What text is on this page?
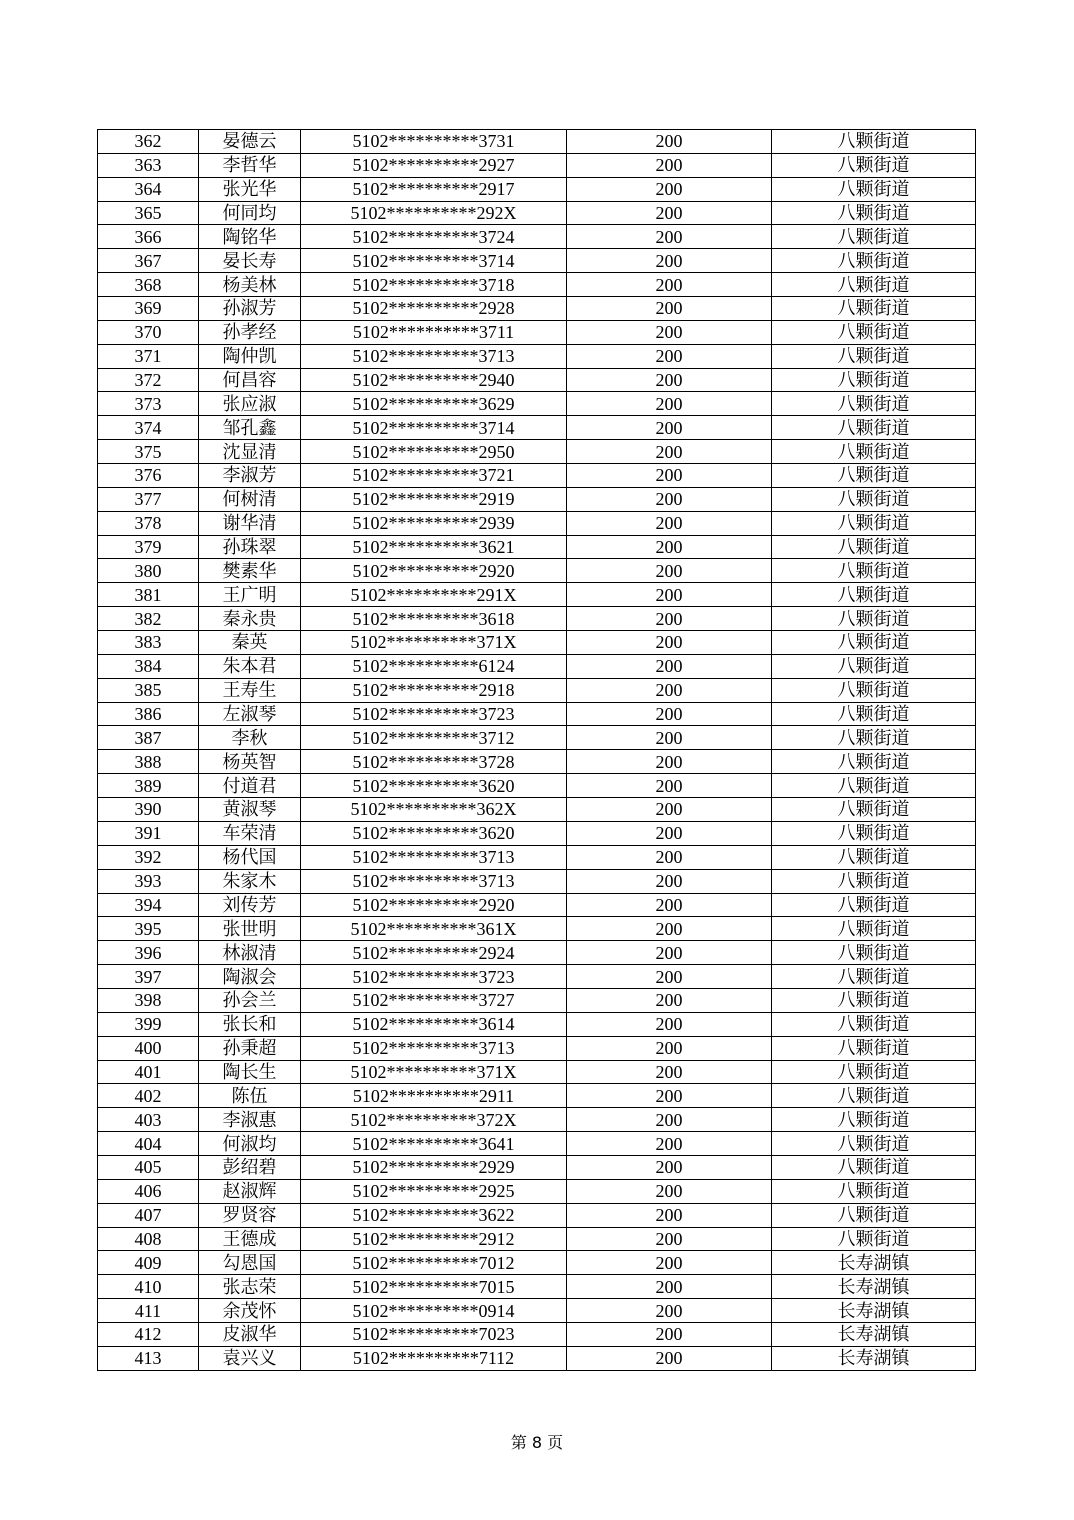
362	晏德云	5102**********3731	200	八颗街道
363	李哲华	5102**********2927	200	八颗街道
364	张光华	5102**********2917	200	八颗街道
365	何同均	5102**********292X	200	八颗街道
366	陶铭华	5102**********3724	200	八颗街道
367	晏长寿	5102**********3714	200	八颗街道
368	杨美林	5102**********3718	200	八颗街道
369	孙淑芳	5102**********2928	200	八颗街道
370	孙孝经	5102**********3711	200	八颗街道
371	陶仲凯	5102**********3713	200	八颗街道
372	何昌容	5102**********2940	200	八颗街道
373	张应淑	5102**********3629	200	八颗街道
374	邹孔鑫	5102**********3714	200	八颗街道
375	沈显清	5102**********2950	200	八颗街道
376	李淑芳	5102**********3721	200	八颗街道
377	何树清	5102**********2919	200	八颗街道
378	谢华清	5102**********2939	200	八颗街道
379	孙珠翠	5102**********3621	200	八颗街道
380	樊素华	5102**********2920	200	八颗街道
381	王广明	5102**********291X	200	八颗街道
382	秦永贵	5102**********3618	200	八颗街道
383	秦英	5102**********371X	200	八颗街道
384	朱本君	5102**********6124	200	八颗街道
385	王寿生	5102**********2918	200	八颗街道
386	左淑琴	5102**********3723	200	八颗街道
387	李秋	5102**********3712	200	八颗街道
388	杨英智	5102**********3728	200	八颗街道
389	付道君	5102**********3620	200	八颗街道
390	黄淑琴	5102**********362X	200	八颗街道
391	车荣清	5102**********3620	200	八颗街道
392	杨代国	5102**********3713	200	八颗街道
393	朱家木	5102**********3713	200	八颗街道
394	刘传芳	5102**********2920	200	八颗街道
395	张世明	5102**********361X	200	八颗街道
396	林淑清	5102**********2924	200	八颗街道
397	陶淑会	5102**********3723	200	八颗街道
398	孙会兰	5102**********3727	200	八颗街道
399	张长和	5102**********3614	200	八颗街道
400	孙秉超	5102**********3713	200	八颗街道
401	陶长生	5102**********371X	200	八颗街道
402	陈伍	5102**********2911	200	八颗街道
403	李淑惠	5102**********372X	200	八颗街道
404	何淑均	5102**********3641	200	八颗街道
405	彭绍碧	5102**********2929	200	八颗街道
406	赵淑辉	5102**********2925	200	八颗街道
407	罗贤容	5102**********3622	200	八颗街道
408	王德成	5102**********2912	200	八颗街道
409	勾恩国	5102**********7012	200	长寿湖镇
410	张志荣	5102**********7015	200	长寿湖镇
411	余茂怀	5102**********0914	200	长寿湖镇
412	皮淑华	5102**********7023	200	长寿湖镇
413	袁兴义	5102**********7112	200	长寿湖镇
第 8 页
